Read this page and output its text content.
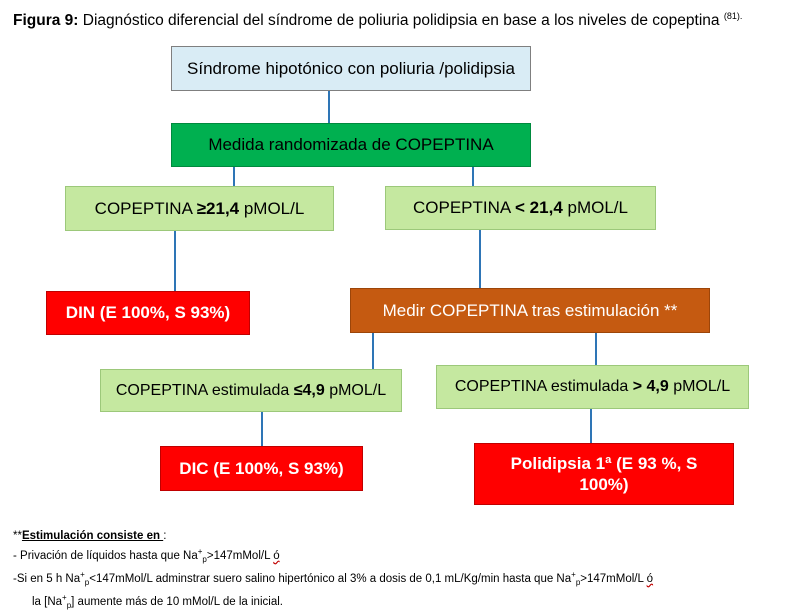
Figura 9: Diagnóstico diferencial del síndrome de poliuria polidipsia en base a los niveles de copeptina $^{(81).}$
Síndrome hipotónico con poliuria /polidipsia
Medida randomizada de COPEPTINA
COPEPTINA ≥21,4 pMOL/L	COPEPTINA < 21,4 pMOL/L
DIN (E 100%, S 93%)	Medir COPEPTINA tras estimulación **
COPEPTINA estimulada ≤4,9 pMOL/L	COPEPTINA estimulada > 4,9 pMOL/L
DIC (E 100%, S 93%)	Polidipsia 1ª (E 93 %, S
100%)
**Estimulación consiste en :
- Privación de líquidos hasta que $Na^+_p>147mMol/L$ ó
-Si en 5 h $Na^+_p<147mMol/L$ adminstrar suero salino hipertónico al 3% a dosis de 0,1 mL/Kg/min hasta que $Na^+_p>147mMol/L$ ó
la $[Na^+_p]$ aumente más de 10 mMol/L de la inicial.
